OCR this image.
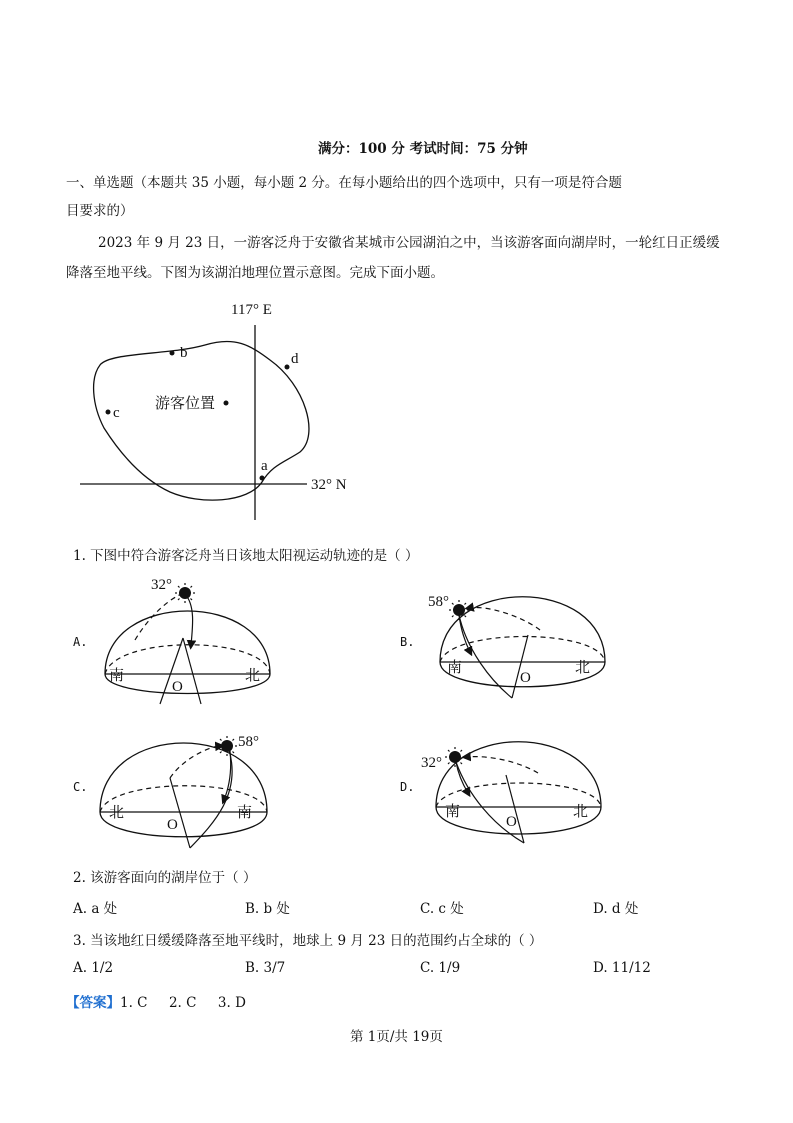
满分：100 分 考试时间：75 分钟
一、单选题（本题共 35 小题，每小题 2 分。在每小题给出的四个选项中，只有一项是符合题
目要求的）
2023 年 9 月 23 日，一游客泛舟于安徽省某城市公园湖泊之中，当该游客面向湖岸时，一轮红日正缓缓
降落至地平线。下图为该湖泊地理位置示意图。完成下面小题。
117° E
32° N
b
c
d
a
游客位置
1. 下图中符合游客泛舟当日该地太阳视运动轨迹的是（ ）
A.
32°
南	北
O
B.
58°
南	北
O
C.
58°
北	南
O
D.
32°
南	北
O
2. 该游客面向的湖岸位于（ ）
A. a 处	B. b 处	C. c 处	D. d 处
3. 当该地红日缓缓降落至地平线时，地球上 9 月 23 日的范围约占全球的（ ）
A. 1/2	B. 3/7	C. 1/9	D. 11/12
【答案】1. C     2. C     3. D
第 1页/共 19页
